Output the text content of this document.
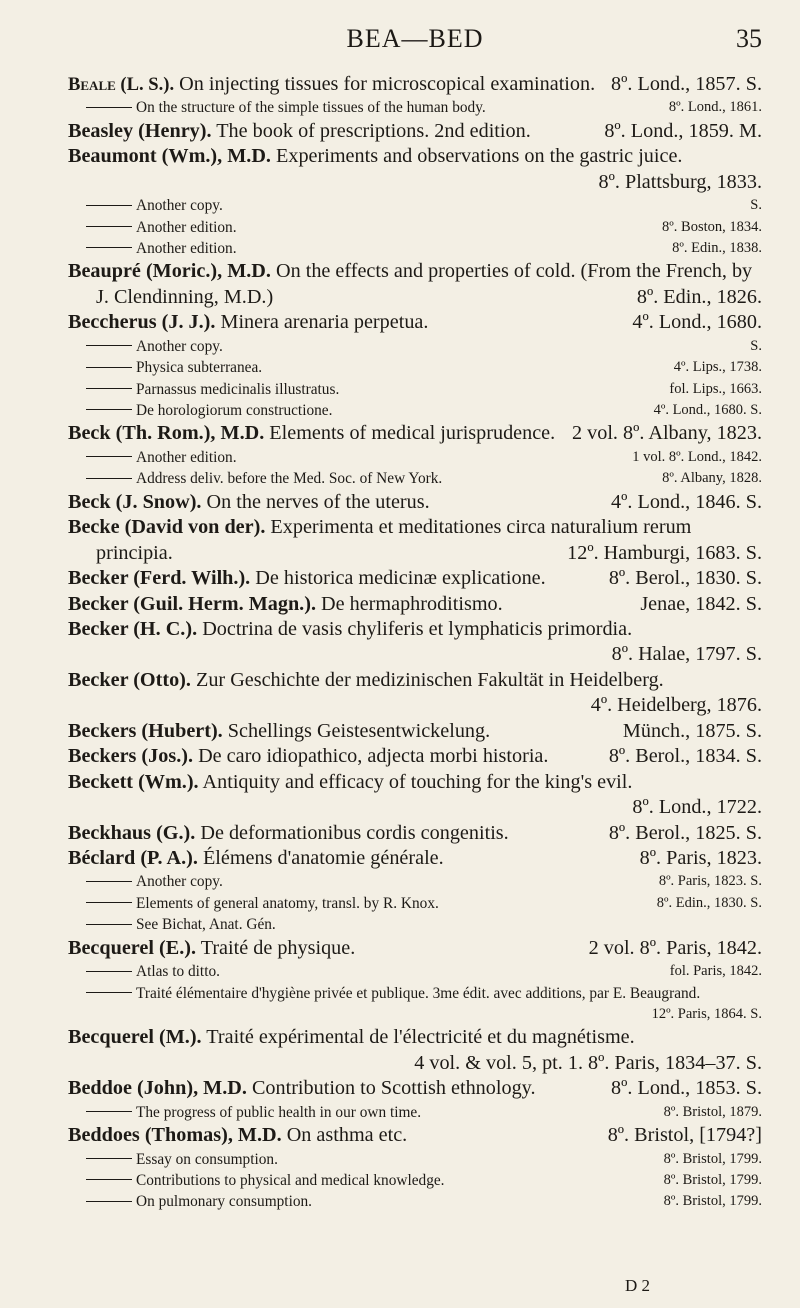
BEA—BED	35
Beale (L. S.). On injecting tissues for microscopical examination. 8º. Lond., 1857. S.
On the structure of the simple tissues of the human body.	8º. Lond., 1861.
Beasley (Henry). The book of prescriptions. 2nd edition.	8º. Lond., 1859. M.
Beaumont (Wm.), M.D. Experiments and observations on the gastric juice.
8º. Plattsburg, 1833.
Another copy.	S.
Another edition.	8º. Boston, 1834.
Another edition.	8º. Edin., 1838.
Beaupré (Moric.), M.D. On the effects and properties of cold. (From the French, by J. Clendinning, M.D.)	8º. Edin., 1826.
Beccherus (J. J.). Minera arenaria perpetua.	4º. Lond., 1680.
Another copy.	S.
Physica subterranea.	4º. Lips., 1738.
Parnassus medicinalis illustratus.	fol. Lips., 1663.
De horologiorum constructione.	4º. Lond., 1680. S.
Beck (Th. Rom.), M.D. Elements of medical jurisprudence. 2 vol. 8º. Albany, 1823.
Another edition.	1 vol. 8º. Lond., 1842.
Address deliv. before the Med. Soc. of New York.	8º. Albany, 1828.
Beck (J. Snow). On the nerves of the uterus.	4º. Lond., 1846. S.
Becke (David von der). Experimenta et meditationes circa naturalium rerum principia.	12º. Hamburgi, 1683. S.
Becker (Ferd. Wilh.). De historica medicinæ explicatione.	8º. Berol., 1830. S.
Becker (Guil. Herm. Magn.). De hermaphroditismo.	Jenae, 1842. S.
Becker (H. C.). Doctrina de vasis chyliferis et lymphaticis primordia.
8º. Halae, 1797. S.
Becker (Otto). Zur Geschichte der medizinischen Fakultät in Heidelberg.
4º. Heidelberg, 1876.
Beckers (Hubert). Schellings Geistesentwickelung.	Münch., 1875. S.
Beckers (Jos.). De caro idiopathico, adjecta morbi historia.	8º. Berol., 1834. S.
Beckett (Wm.). Antiquity and efficacy of touching for the king's evil.
8º. Lond., 1722.
Beckhaus (G.). De deformationibus cordis congenitis.	8º. Berol., 1825. S.
Béclard (P. A.). Élémens d'anatomie générale.	8º. Paris, 1823.
Another copy.	8º. Paris, 1823. S.
Elements of general anatomy, transl. by R. Knox.	8º. Edin., 1830. S.
See Bichat, Anat. Gén.
Becquerel (E.). Traité de physique.	2 vol. 8º. Paris, 1842.
Atlas to ditto.	fol. Paris, 1842.
Traité élémentaire d'hygiène privée et publique. 3me édit. avec additions, par E. Beaugrand.
12º. Paris, 1864. S.
Becquerel (M.). Traité expérimental de l'électricité et du magnétisme.
4 vol. & vol. 5, pt. 1. 8º. Paris, 1834–37. S.
Beddoe (John), M.D. Contribution to Scottish ethnology.	8º. Lond., 1853. S.
The progress of public health in our own time.	8º. Bristol, 1879.
Beddoes (Thomas), M.D. On asthma etc.	8º. Bristol, [1794?]
Essay on consumption.	8º. Bristol, 1799.
Contributions to physical and medical knowledge.	8º. Bristol, 1799.
On pulmonary consumption.	8º. Bristol, 1799.
D 2
